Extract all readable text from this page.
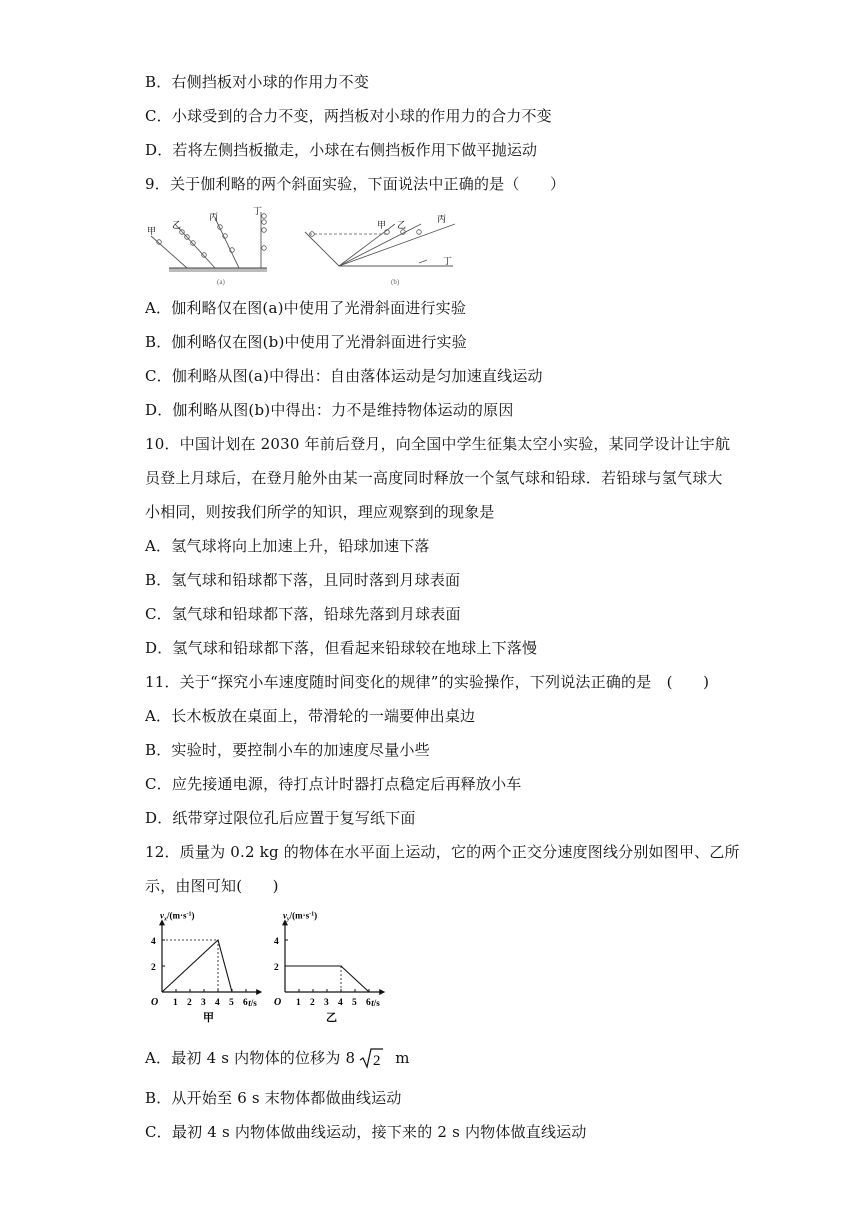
B．右侧挡板对小球的作用力不变
C．小球受到的合力不变，两挡板对小球的作用力的合力不变
D．若将左侧挡板撤走，小球在右侧挡板作用下做平抛运动
9．关于伽利略的两个斜面实验，下面说法中正确的是（　　）
甲
乙
丙
丁
(a)
甲 乙
丙
丁
(b)
A．伽利略仅在图(a)中使用了光滑斜面进行实验
B．伽利略仅在图(b)中使用了光滑斜面进行实验
C．伽利略从图(a)中得出：自由落体运动是匀加速直线运动
D．伽利略从图(b)中得出：力不是维持物体运动的原因
10．中国计划在 2030 年前后登月，向全国中学生征集太空小实验，某同学设计让宇航
员登上月球后，在登月舱外由某一高度同时释放一个氢气球和铅球．若铅球与氢气球大
小相同，则按我们所学的知识，理应观察到的现象是
A．氢气球将向上加速上升，铅球加速下落
B．氢气球和铅球都下落，且同时落到月球表面
C．氢气球和铅球都下落，铅球先落到月球表面
D．氢气球和铅球都下落，但看起来铅球较在地球上下落慢
11．关于“探究小车速度随时间变化的规律”的实验操作，下列说法正确的是　(　　)
A．长木板放在桌面上，带滑轮的一端要伸出桌边
B．实验时，要控制小车的加速度尽量小些
C．应先接通电源，待打点计时器打点稳定后再释放小车
D．纸带穿过限位孔后应置于复写纸下面
12．质量为 0.2 kg 的物体在水平面上运动，它的两个正交分速度图线分别如图甲、乙所
示，由图可知(　　)
$v_x/(m\cdot s^{-1})$
t/s
O 1 2 3 4 5 6
2
4
甲
$v_y/(m\cdot s^{-1})$
t/s
O 1 2 3 4 5 6
2
4
乙
A．最初 4 s 内物体的位移为 8 2 m
B．从开始至 6 s 末物体都做曲线运动
C．最初 4 s 内物体做曲线运动，接下来的 2 s 内物体做直线运动
